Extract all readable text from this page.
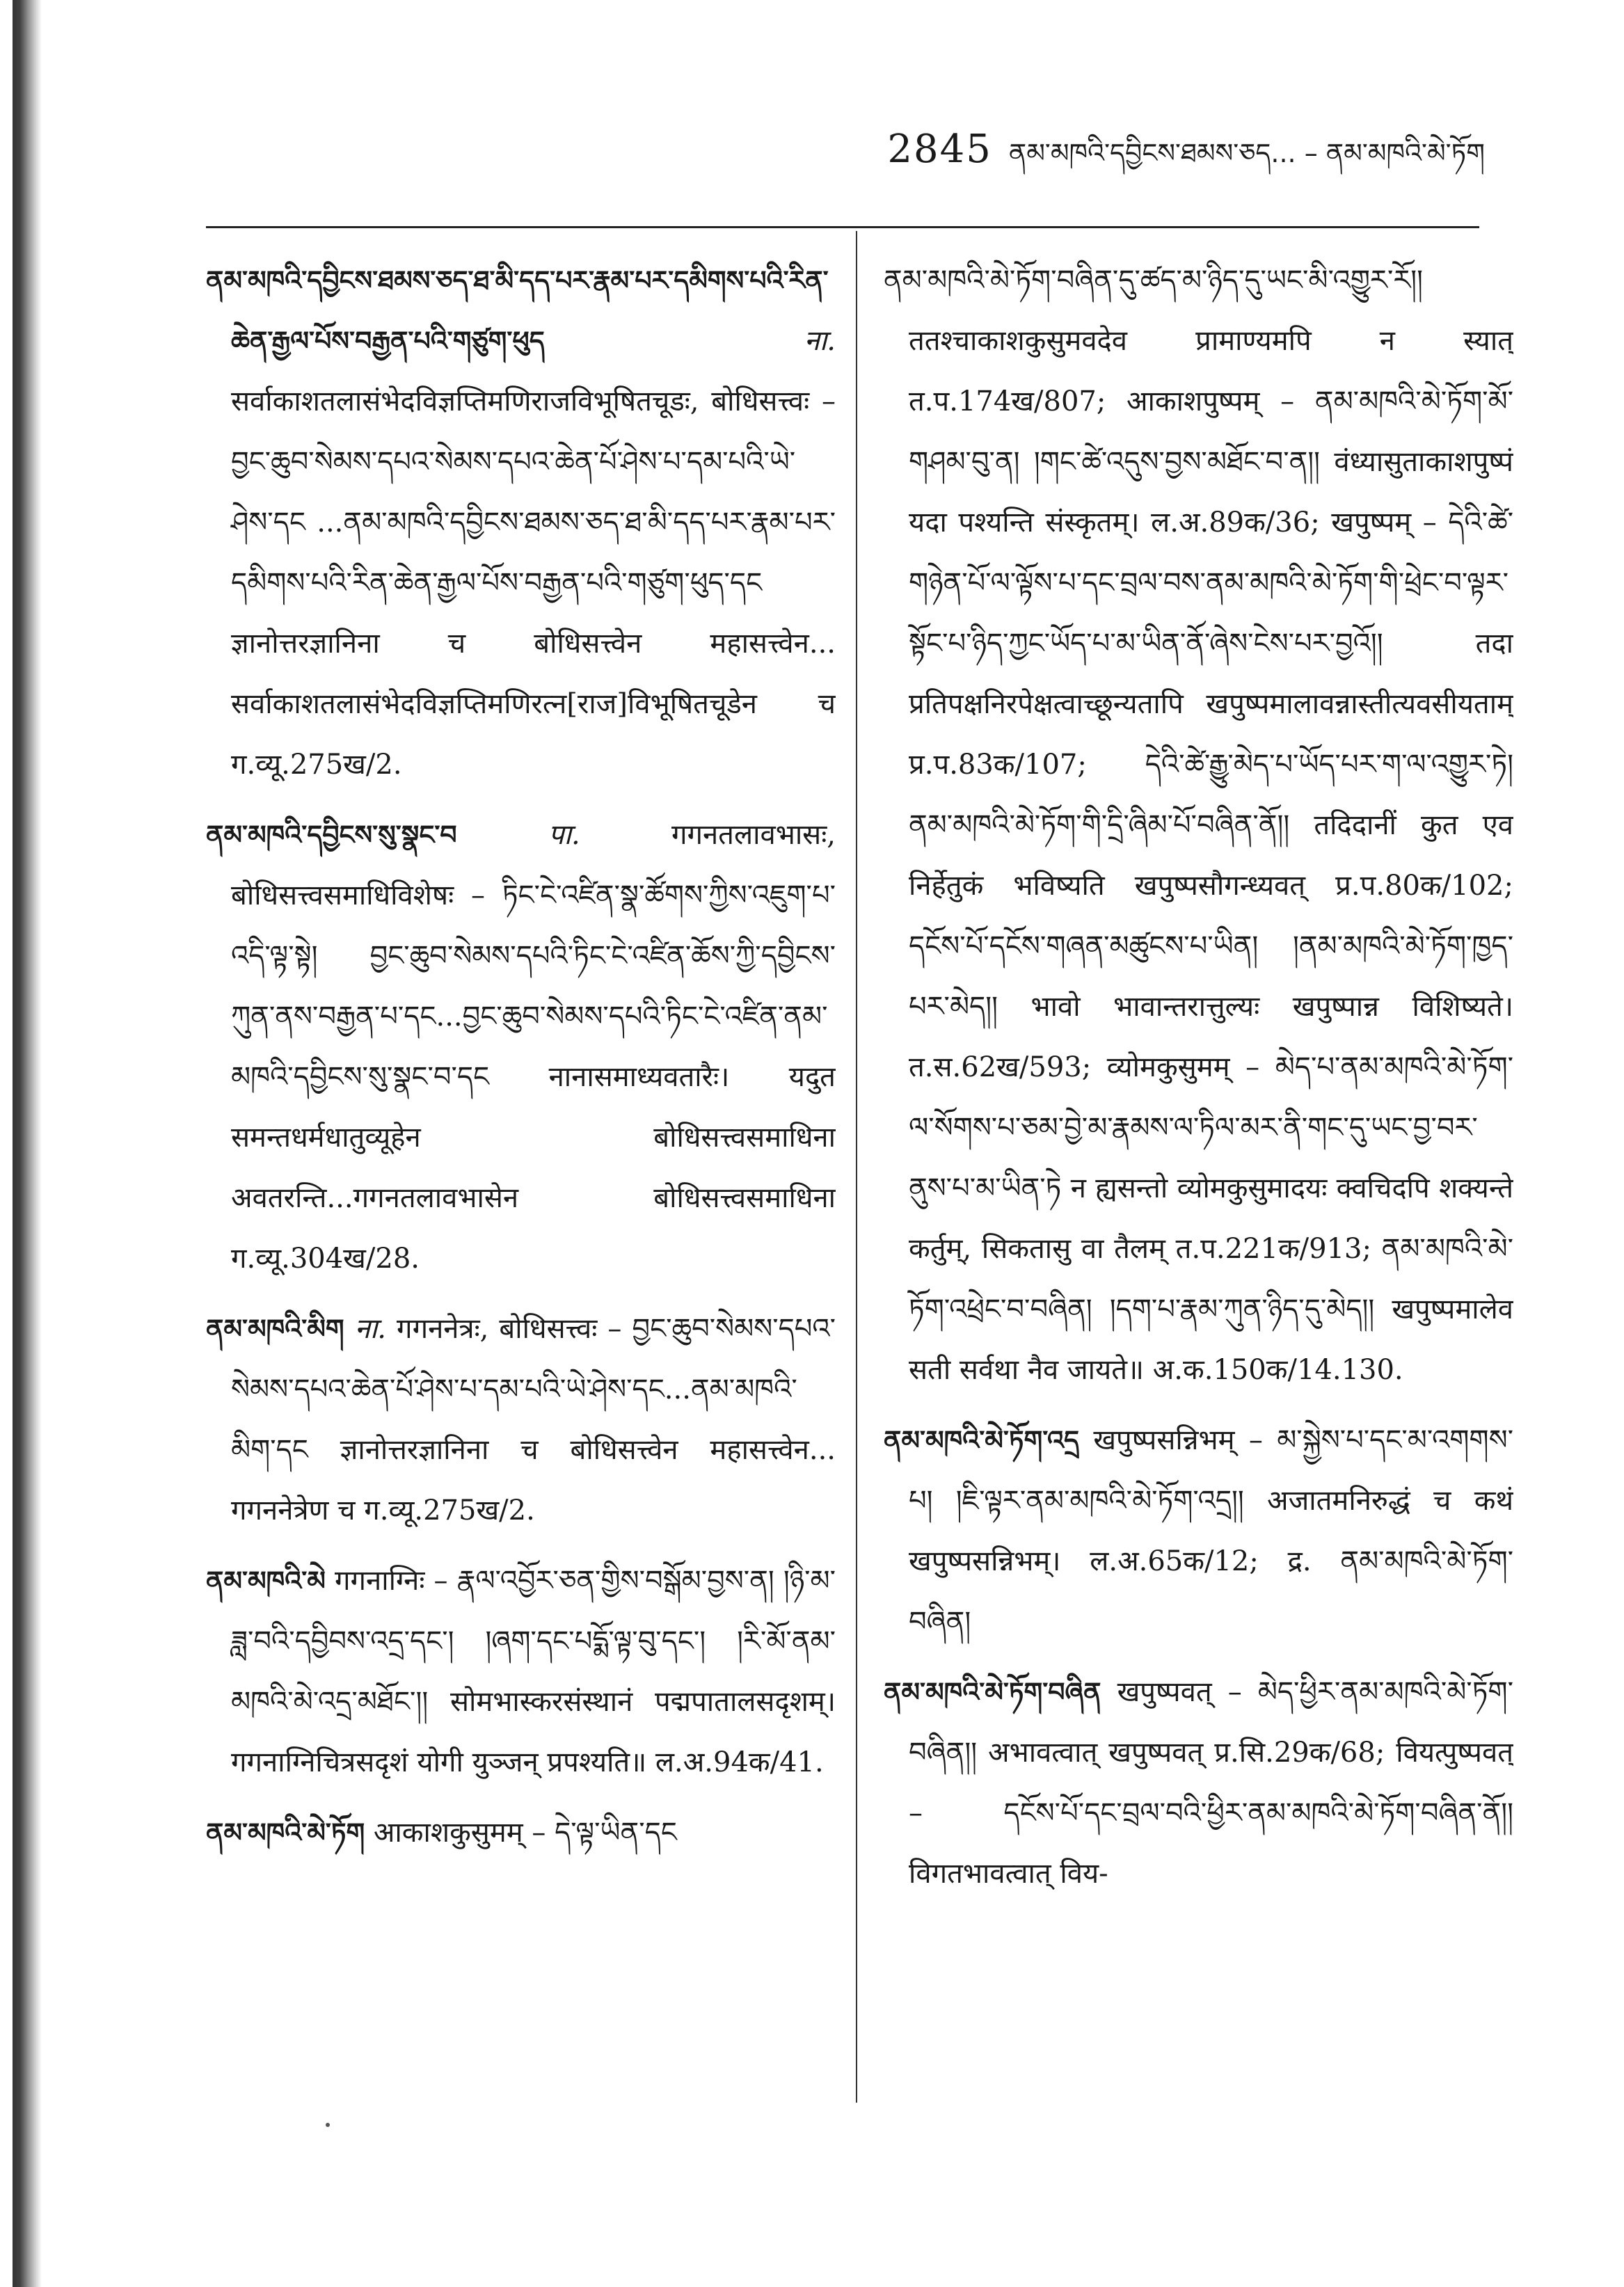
2845 ནམ་མཁའི་དབྱིངས་ཐམས་ཅད... – ནམ་མཁའི་མེ་ཏོག

ནམ་མཁའི་དབྱིངས་ཐམས་ཅད་ཐ་མི་དད་པར་རྣམ་པར་དམིགས་པའི་རིན་ཆེན་རྒྱལ་པོས་བརྒྱན་པའི་གཙུག་ཕུད	ना. सर्वाकाशतलासंभेदविज्ञप्तिमणिराजविभूषितचूडः, बोधिसत्त्वः – བྱང་ཆུབ་སེམས་དཔའ་སེམས་དཔའ་ཆེན་པོ་ཤེས་པ་དམ་པའི་ཡེ་ཤེས་དང ...ནམ་མཁའི་དབྱིངས་ཐམས་ཅད་ཐ་མི་དད་པར་རྣམ་པར་དམིགས་པའི་རིན་ཆེན་རྒྱལ་པོས་བརྒྱན་པའི་གཙུག་ཕུད་དང ज्ञानोत्तरज्ञानिना च बोधिसत्त्वेन महासत्त्वेन... सर्वाकाशतलासंभेदविज्ञप्तिमणिरत्न[राज]विभूषितचूडेन च ग.व्यू.275ख/2.

ནམ་མཁའི་དབྱིངས་སུ་སྣང་བ	पा.	गगनतलावभासः, बोधिसत्त्वसमाधिविशेषः – ཏིང་ངེ་འཛིན་སྣ་ཚོགས་ཀྱིས་འཇུག་པ་འདི་ལྟ་སྟེ། བྱང་ཆུབ་སེམས་དཔའི་ཏིང་ངེ་འཛིན་ཆོས་ཀྱི་དབྱིངས་ཀུན་ནས་བརྒྱན་པ་དང...བྱང་ཆུབ་སེམས་དཔའི་ཏིང་ངེ་འཛིན་ནམ་མཁའི་དབྱིངས་སུ་སྣང་བ་དང नानासमाध्यवतारैः। यदुत समन्तधर्मधातुव्यूहेन बोधिसत्त्वसमाधिना अवतरन्ति...गगनतलावभासेन बोधिसत्त्वसमाधिना ग.व्यू.304ख/28.

ནམ་མཁའི་མིག ना. गगननेत्रः, बोधिसत्त्वः – བྱང་ཆུབ་སེམས་དཔའ་སེམས་དཔའ་ཆེན་པོ་ཤེས་པ་དམ་པའི་ཡེ་ཤེས་དང...ནམ་མཁའི་མིག་དང ज्ञानोत्तरज्ञानिना च बोधिसत्त्वेन महासत्त्वेन... गगननेत्रेण च ग.व्यू.275ख/2.

ནམ་མཁའི་མེ गगनाग्निः – རྣལ་འབྱོར་ཅན་གྱིས་བསྒོམ་བྱས་ན། །ཉི་མ་ཟླ་བའི་དབྱིབས་འདྲ་དང་། །ཞག་དང་པདྨོ་ལྟ་བུ་དང་། །རི་མོ་ནམ་མཁའི་མེ་འདྲ་མཐོང་།། सोमभास्करसंस्थानं पद्मपातालसदृशम्। गगनाग्निचित्रसदृशं योगी युञ्जन् प्रपश्यति॥ ल.अ.94क/41.

ནམ་མཁའི་མེ་ཏོག आकाशकुसुमम् – དེ་ལྟ་ཡིན་དང

ནམ་མཁའི་མེ་ཏོག་བཞིན་དུ་ཚད་མ་ཉིད་དུ་ཡང་མི་འགྱུར་རོ།། ततश्चाकाशकुसुमवदेव प्रामाण्यमपि न स्यात् त.प.174ख/807; आकाशपुष्पम् – ནམ་མཁའི་མེ་ཏོག་མོ་གཤམ་བུ་ན། །གང་ཚེ་འདུས་བྱས་མཐོང་བ་ན།། वंध्यासुताकाशपुष्पं यदा पश्यन्ति संस्कृतम्। ल.अ.89क/36; खपुष्पम् – དེའི་ཚེ་གཉེན་པོ་ལ་ལྟོས་པ་དང་བྲལ་བས་ནམ་མཁའི་མེ་ཏོག་གི་ཕྲེང་བ་ལྟར་སྟོང་པ་ཉིད་ཀྱང་ཡོད་པ་མ་ཡིན་ནོ་ཞེས་ངེས་པར་བྱའོ།། तदा प्रतिपक्षनिरपेक्षत्वाच्छून्यतापि खपुष्पमालावन्नास्तीत्यवसीयताम् प्र.प.83क/107; དེའི་ཚེ་རྒྱུ་མེད་པ་ཡོད་པར་ག་ལ་འགྱུར་ཏེ། ནམ་མཁའི་མེ་ཏོག་གི་དྲི་ཞིམ་པོ་བཞིན་ནོ།། तदिदानीं कुत एव निर्हेतुकं भविष्यति खपुष्पसौगन्ध्यवत् प्र.प.80क/102; དངོས་པོ་དངོས་གཞན་མཚུངས་པ་ཡིན། །ནམ་མཁའི་མེ་ཏོག་ཁྱད་པར་མེད།། भावो भावान्तरात्तुल्यः खपुष्पान्न विशिष्यते। त.स.62ख/593; व्योमकुसुमम् – མེད་པ་ནམ་མཁའི་མེ་ཏོག་ལ་སོགས་པ་ཅམ་བྱེ་མ་རྣམས་ལ་ཏིལ་མར་ནི་གང་དུ་ཡང་བྱ་བར་ནུས་པ་མ་ཡིན་ཏེ न ह्यसन्तो व्योमकुसुमादयः क्वचिदपि शक्यन्ते कर्तुम्, सिकतासु वा तैलम् त.प.221क/913; ནམ་མཁའི་མེ་ཏོག་འཕྲེང་བ་བཞིན། །དག་པ་རྣམ་ཀུན་ཉིད་དུ་མེད།། खपुष्पमालेव सती सर्वथा नैव जायते॥ अ.क.150क/14.130.

ནམ་མཁའི་མེ་ཏོག་འདྲ खपुष्पसन्निभम् – མ་སྐྱེས་པ་དང་མ་འགགས་པ། །ཇི་ལྟར་ནམ་མཁའི་མེ་ཏོག་འདྲ།། अजातमनिरुद्धं च कथं खपुष्पसन्निभम्। ल.अ.65क/12; द्र. ནམ་མཁའི་མེ་ཏོག་བཞིན།

ནམ་མཁའི་མེ་ཏོག་བཞིན खपुष्पवत् – མེད་ཕྱིར་ནམ་མཁའི་མེ་ཏོག་བཞིན།། अभावत्वात् खपुष्पवत् प्र.सि.29क/68; वियत्पुष्पवत् – དངོས་པོ་དང་བྲལ་བའི་ཕྱིར་ནམ་མཁའི་མེ་ཏོག་བཞིན་ནོ།། विगतभावत्वात् विय-
